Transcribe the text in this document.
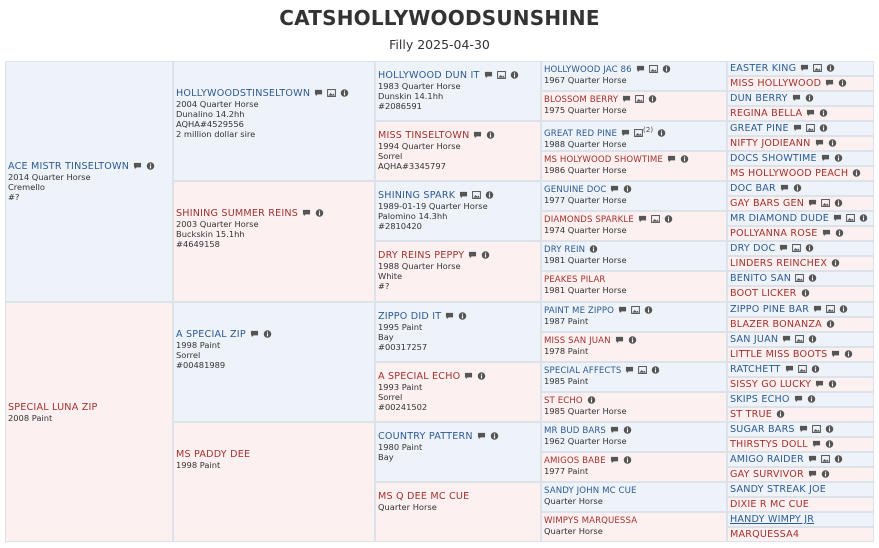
CATSHOLLYWOODSUNSHINE
Filly 2025-04-30
ACE MISTR TINSELTOWN
2014 Quarter Horse
Cremello
#?
SPECIAL LUNA ZIP
2008 Paint
HOLLYWOODSTINSELTOWN
2004 Quarter Horse
Dunalino 14.2hh
AQHA#4529556
2 million dollar sire
SHINING SUMMER REINS
2003 Quarter Horse
Buckskin 15.1hh
#4649158
A SPECIAL ZIP
1998 Paint
Sorrel
#00481989
MS PADDY DEE
1998 Paint
HOLLYWOOD DUN IT
1983 Quarter Horse
Dunskin 14.1hh
#2086591
MISS TINSELTOWN
1994 Quarter Horse
Sorrel
AQHA#3345797
SHINING SPARK
1989-01-19 Quarter Horse
Palomino 14.3hh
#2810420
DRY REINS PEPPY
1988 Quarter Horse
White
#?
ZIPPO DID IT
1995 Paint
Bay
#00317257
A SPECIAL ECHO
1993 Paint
Sorrel
#00241502
COUNTRY PATTERN
1980 Paint
Bay
MS Q DEE MC CUE
Quarter Horse
HOLLYWOOD JAC 86
1967 Quarter Horse
BLOSSOM BERRY
1975 Quarter Horse
GREAT RED PINE	$^{(2)}$
1988 Quarter Horse
MS HOLYWOOD SHOWTIME
1986 Quarter Horse
GENUINE DOC
1977 Quarter Horse
DIAMONDS SPARKLE
1974 Quarter Horse
DRY REIN
1981 Quarter Horse
PEAKES PILAR
1981 Quarter Horse
PAINT ME ZIPPO
1987 Paint
MISS SAN JUAN
1978 Paint
SPECIAL AFFECTS
1985 Paint
ST ECHO
1985 Quarter Horse
MR BUD BARS
1962 Quarter Horse
AMIGOS BABE
1977 Paint
SANDY JOHN MC CUE
Quarter Horse
WIMPYS MARQUESSA
Quarter Horse
EASTER KING
MISS HOLLYWOOD
DUN BERRY
REGINA BELLA
GREAT PINE
NIFTY JODIEANN
DOCS SHOWTIME
MS HOLLYWOOD PEACH
DOC BAR
GAY BARS GEN
MR DIAMOND DUDE
POLLYANNA ROSE
DRY DOC
LINDERS REINCHEX
BENITO SAN
BOOT LICKER
ZIPPO PINE BAR
BLAZER BONANZA
SAN JUAN
LITTLE MISS BOOTS
RATCHETT
SISSY GO LUCKY
SKIPS ECHO
ST TRUE
SUGAR BARS
THIRSTYS DOLL
AMIGO RAIDER
GAY SURVIVOR
SANDY STREAK JOE
DIXIE R MC CUE
HANDY WIMPY JR
MARQUESSA4
